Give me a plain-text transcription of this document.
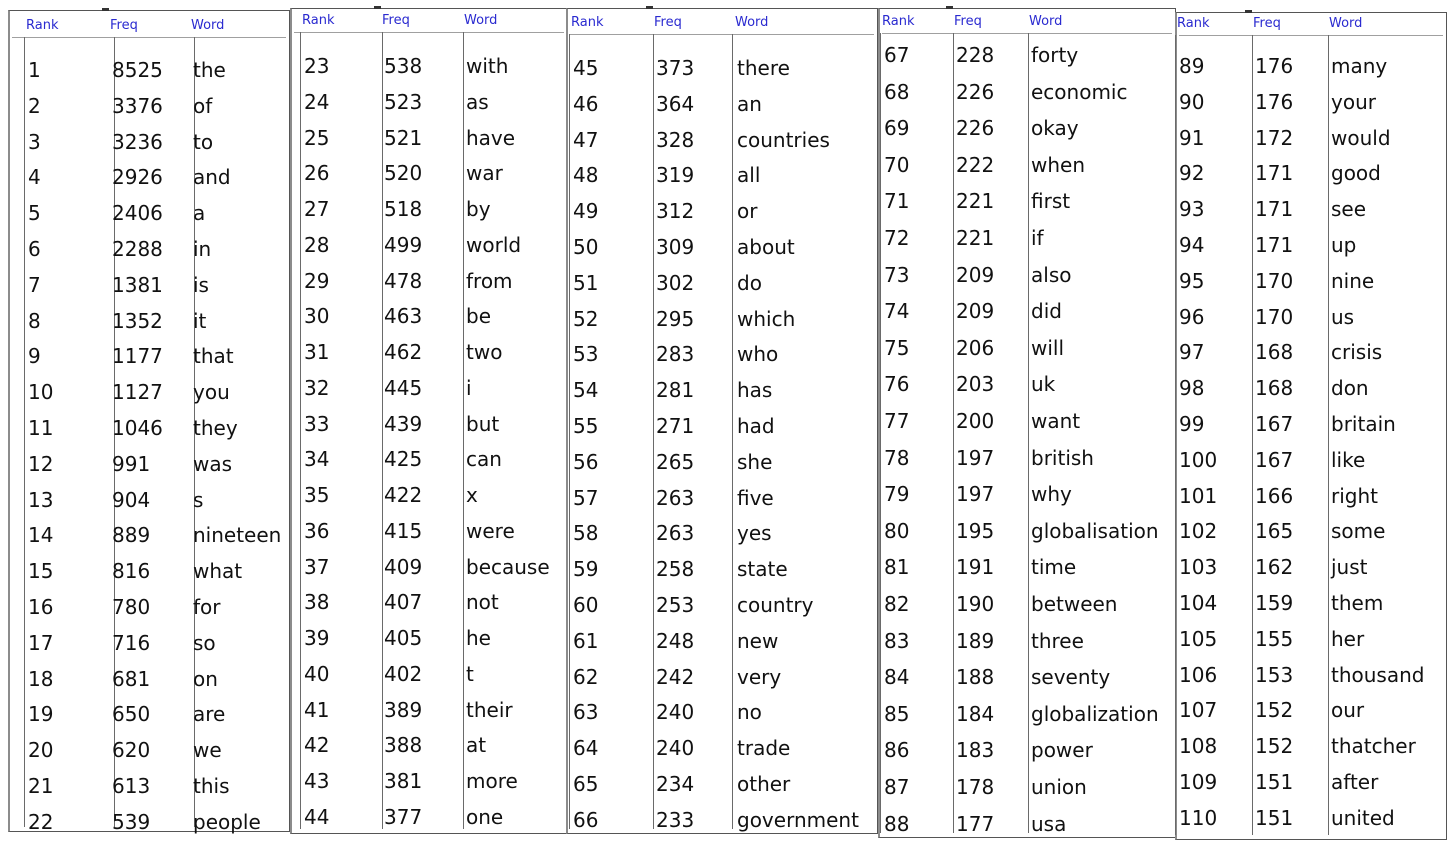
Rank	Freq	Word
1	8525 the
2	3376 of
3	3236 to
4	2926 and
5	2406 a
6	2288 in
7	1381 is
8	1352 it
9	1177 that
10	1127 you
11	1046 they
12	991 was
13	904 s
14	889 nineteen
15	816 what
16	780 for
17	716 so
18	681 on
19	650 are
20	620 we
21	613 this
22	539 people
Rank	Freq	Word
23	538 with
24	523 as
25	521 have
26	520 war
27	518 by
28	499 world
29	478 from
30	463 be
31	462 two
32	445 i
33	439 but
34	425 can
35	422 x
36	415 were
37	409 because
38	407 not
39	405 he
40	402 t
41	389 their
42	388 at
43	381 more
44	377 one
Rank	Freq	Word
45	373 there
46	364 an
47	328 countries
48	319 all
49	312 or
50	309 about
51	302 do
52	295 which
53	283 who
54	281 has
55	271 had
56	265 she
57	263 five
58	263 yes
59	258 state
60	253 country
61	248 new
62	242 very
63	240 no
64	240 trade
65	234 other
66	233 government
Rank	Freq	Word
67 228 forty
68 226 economic
69 226 okay
70 222 when
71 221 first
72 221 if
73 209 also
74 209 did
75 206 will
76 203 uk
77 200 want
78 197 british
79 197 why
80 195 globalisation
81 191 time
82 190 between
83 189 three
84 188 seventy
85 184 globalization
86 183 power
87 178 union
88 177 usa
Rank	Freq	Word
89	176 many
90	176 your
91	172 would
92	171 good
93	171 see
94	171 up
95	170 nine
96	170 us
97	168 crisis
98	168 don
99	167 britain
100 167 like
101 166 right
102 165 some
103 162 just
104 159 them
105 155 her
106 153 thousand
107 152 our
108 152 thatcher
109 151 after
110 151 united
